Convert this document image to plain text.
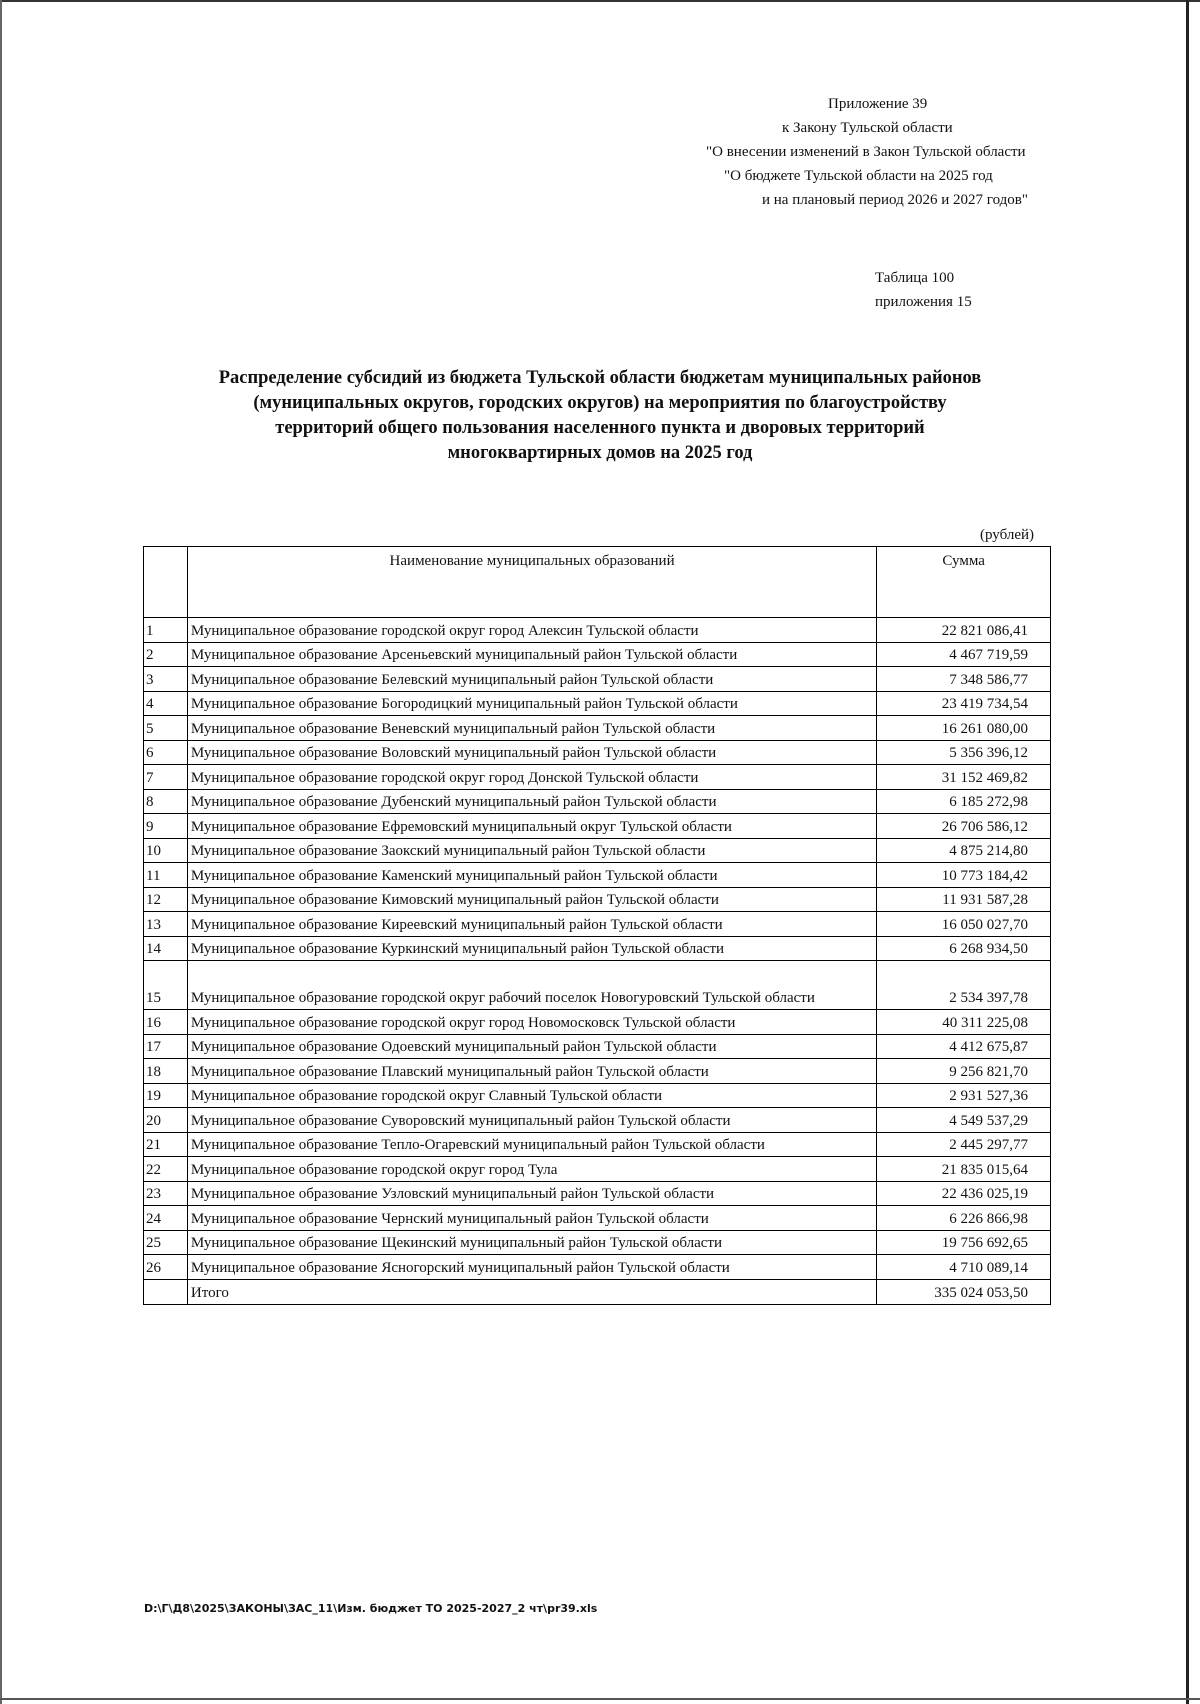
Приложение 39
к Закону Тульской области
"О внесении изменений в Закон Тульской области
"О бюджете Тульской области на 2025 год
и на плановый период 2026 и 2027 годов"
Таблица 100
приложения 15
Распределение субсидий из бюджета Тульской области бюджетам муниципальных районов
(муниципальных округов, городских округов) на мероприятия по благоустройству
территорий общего пользования населенного пункта и дворовых территорий
многоквартирных домов на 2025 год
(рублей)
	Наименование муниципальных образований	Сумма
1	Муниципальное образование городской округ город Алексин Тульской области	22 821 086,41
2	Муниципальное образование Арсеньевский муниципальный район Тульской области	4 467 719,59
3	Муниципальное образование Белевский муниципальный район Тульской области	7 348 586,77
4	Муниципальное образование Богородицкий муниципальный район Тульской области	23 419 734,54
5	Муниципальное образование Веневский муниципальный район Тульской области	16 261 080,00
6	Муниципальное образование Воловский муниципальный район Тульской области	5 356 396,12
7	Муниципальное образование городской округ город Донской Тульской области	31 152 469,82
8	Муниципальное образование Дубенский муниципальный район Тульской области	6 185 272,98
9	Муниципальное образование Ефремовский муниципальный округ Тульской области	26 706 586,12
10	Муниципальное образование Заокский муниципальный район Тульской области	4 875 214,80
11	Муниципальное образование Каменский муниципальный район Тульской области	10 773 184,42
12	Муниципальное образование Кимовский муниципальный район Тульской области	11 931 587,28
13	Муниципальное образование Киреевский муниципальный район Тульской области	16 050 027,70
14	Муниципальное образование Куркинский муниципальный район Тульской области	6 268 934,50
15	Муниципальное образование городской округ рабочий поселок Новогуровский Тульской области	2 534 397,78
16	Муниципальное образование городской округ город Новомосковск Тульской области	40 311 225,08
17	Муниципальное образование Одоевский муниципальный район Тульской области	4 412 675,87
18	Муниципальное образование Плавский муниципальный район Тульской области	9 256 821,70
19	Муниципальное образование городской округ Славный Тульской области	2 931 527,36
20	Муниципальное образование Суворовский муниципальный район Тульской области	4 549 537,29
21	Муниципальное образование Тепло-Огаревский муниципальный район Тульской области	2 445 297,77
22	Муниципальное образование городской округ город Тула	21 835 015,64
23	Муниципальное образование Узловский муниципальный район Тульской области	22 436 025,19
24	Муниципальное образование Чернский муниципальный район Тульской области	6 226 866,98
25	Муниципальное образование Щекинский муниципальный район Тульской области	19 756 692,65
26	Муниципальное образование Ясногорский муниципальный район Тульской области	4 710 089,14
	Итого	335 024 053,50
D:\Г\Д8\2025\ЗАКОНЫ\ЗАС_11\Изм. бюджет ТО 2025-2027_2 чт\pr39.xls
